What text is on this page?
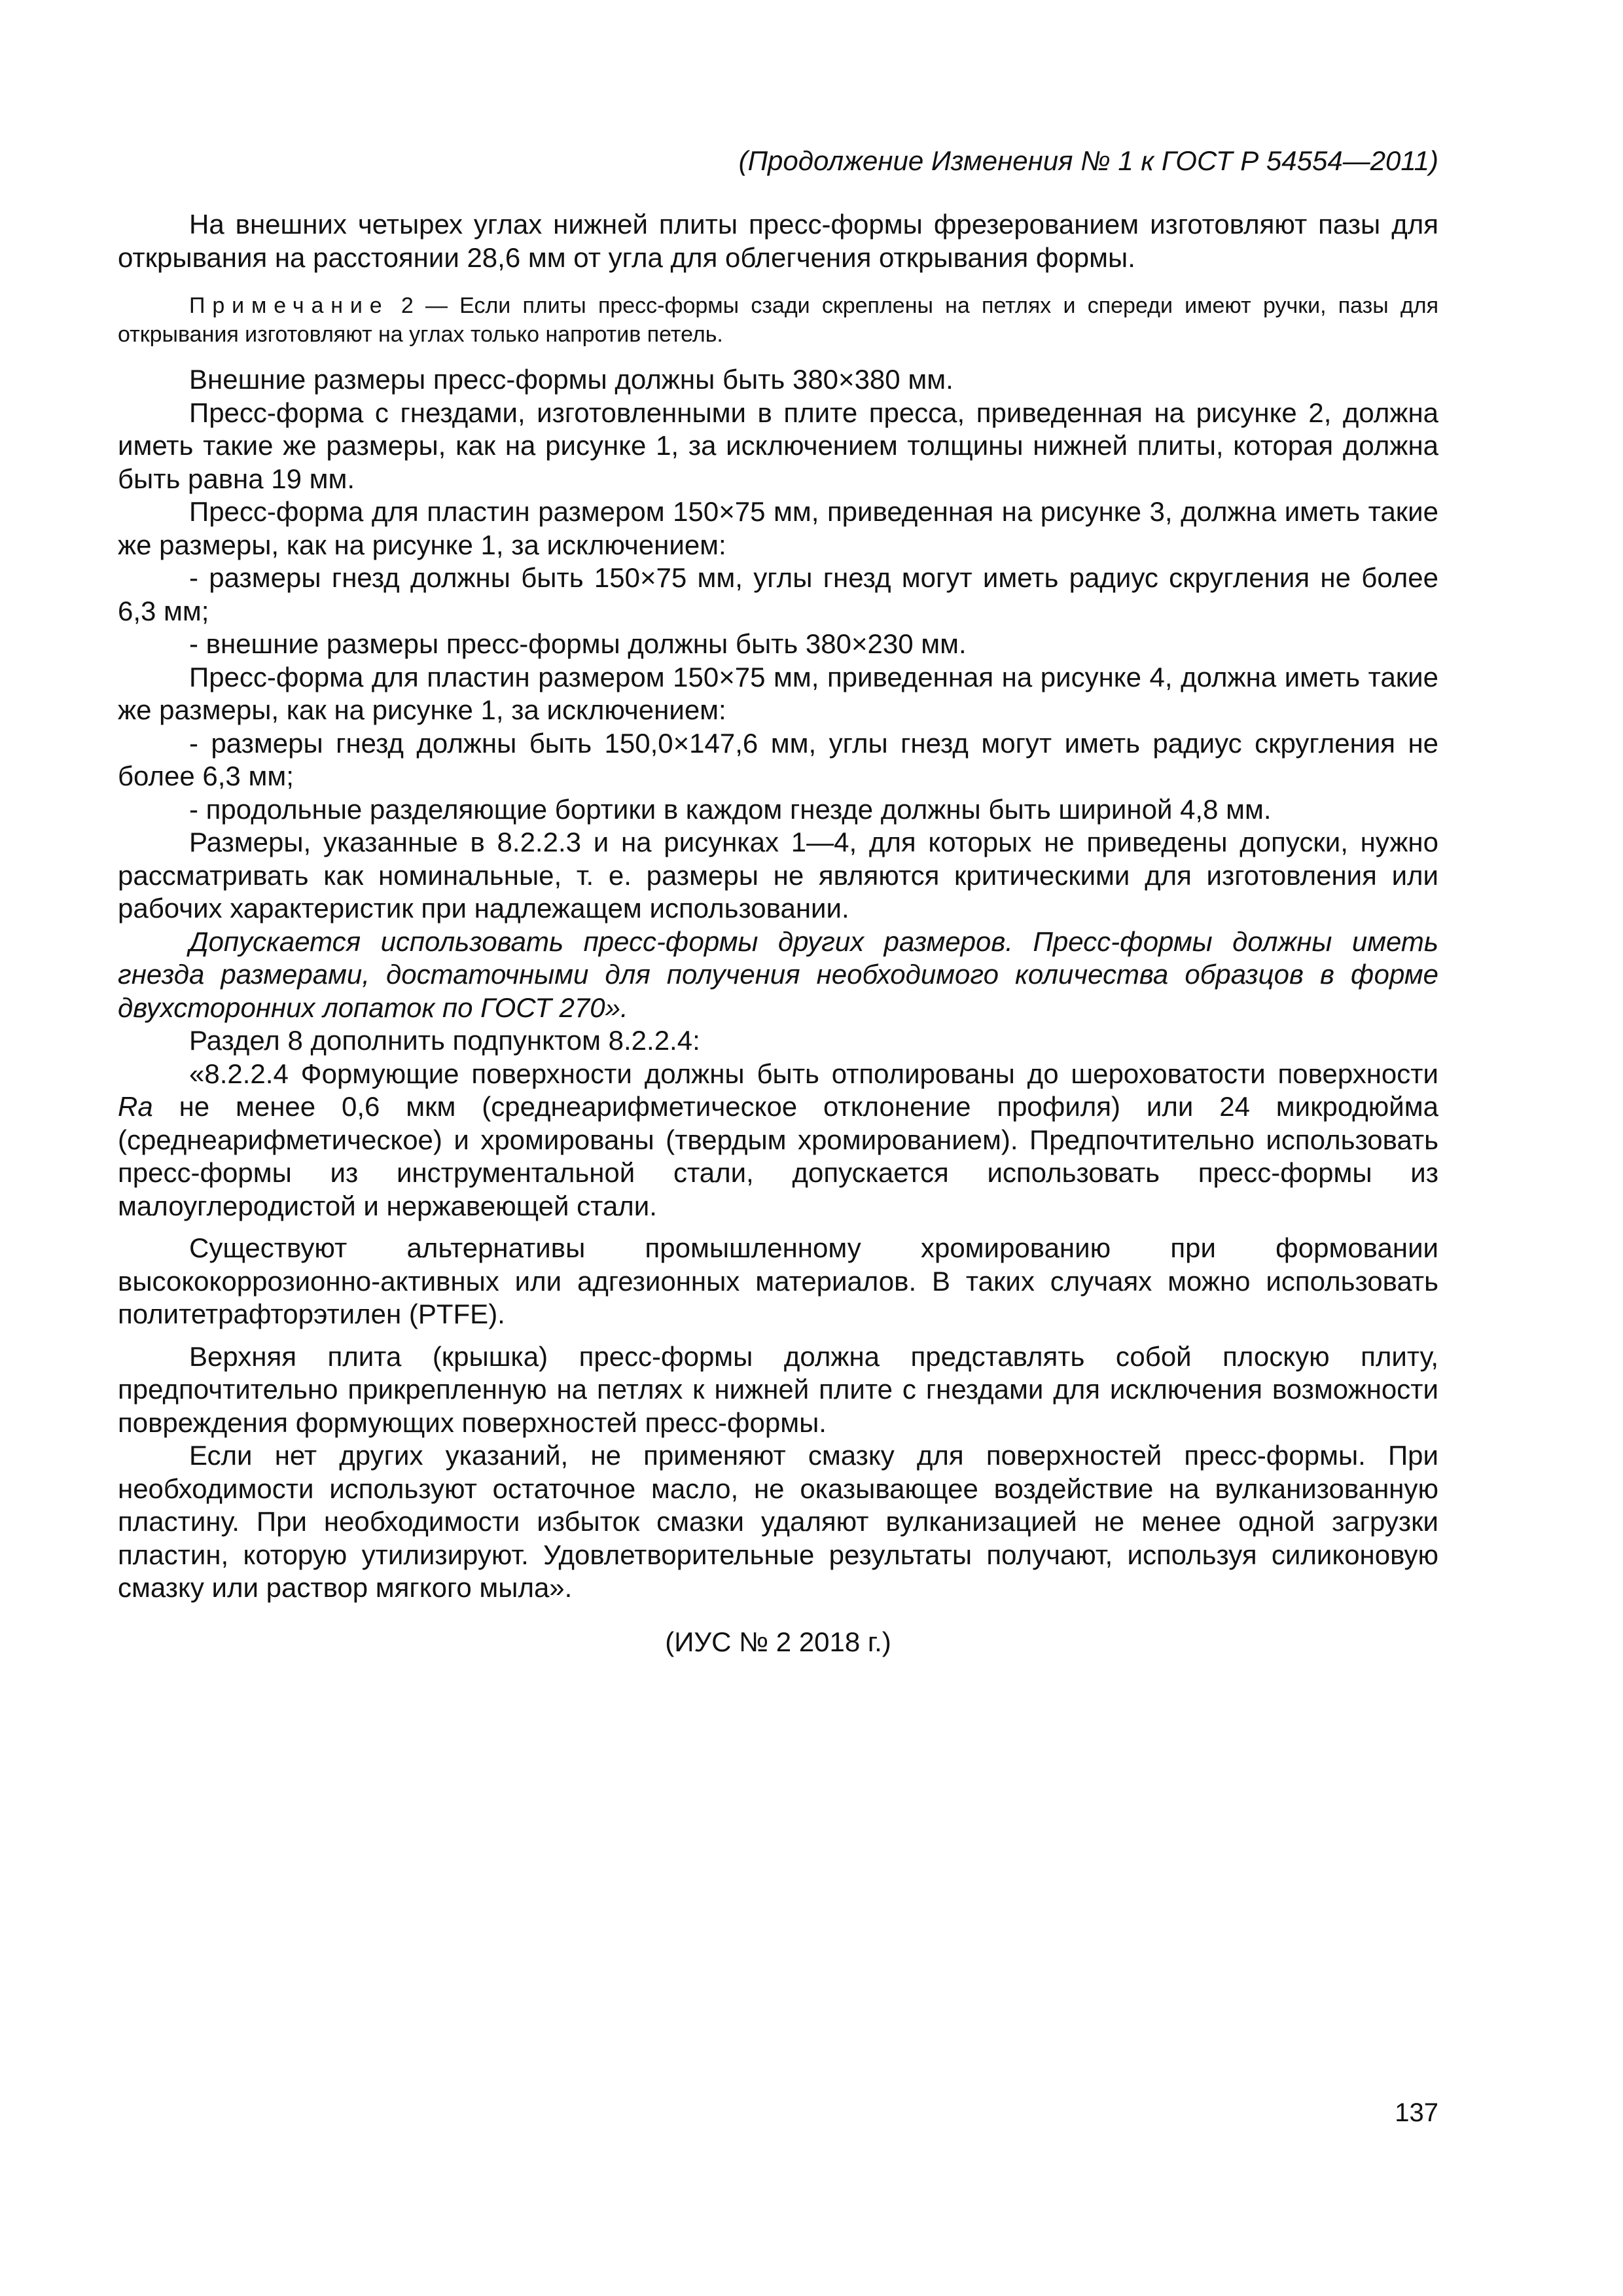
(Продолжение Изменения № 1 к ГОСТ Р 54554—2011)

На внешних четырех углах нижней плиты пресс-формы фрезерованием изготовляют пазы для открывания на расстоянии 28,6 мм от угла для облегчения открывания формы.

Примечание 2 — Если плиты пресс-формы сзади скреплены на петлях и спереди имеют ручки, пазы для открывания изготовляют на углах только напротив петель.

Внешние размеры пресс-формы должны быть 380×380 мм.

Пресс-форма с гнездами, изготовленными в плите пресса, приведенная на рисунке 2, должна иметь такие же размеры, как на рисунке 1, за исключением толщины нижней плиты, которая должна быть равна 19 мм.

Пресс-форма для пластин размером 150×75 мм, приведенная на рисунке 3, должна иметь такие же размеры, как на рисунке 1, за исключением:

- размеры гнезд должны быть 150×75 мм, углы гнезд могут иметь радиус скругления не более 6,3 мм;

- внешние размеры пресс-формы должны быть 380×230 мм.

Пресс-форма для пластин размером 150×75 мм, приведенная на рисунке 4, должна иметь такие же размеры, как на рисунке 1, за исключением:

- размеры гнезд должны быть 150,0×147,6 мм, углы гнезд могут иметь радиус скругления не более 6,3 мм;

- продольные разделяющие бортики в каждом гнезде должны быть шириной 4,8 мм.

Размеры, указанные в 8.2.2.3 и на рисунках 1—4, для которых не приведены допуски, нужно рассматривать как номинальные, т. е. размеры не являются критическими для изготовления или рабочих характеристик при надлежащем использовании.

Допускается использовать пресс-формы других размеров. Пресс-формы должны иметь гнезда размерами, достаточными для получения необходимого количества образцов в форме двухсторонних лопаток по ГОСТ 270».

Раздел 8 дополнить подпунктом 8.2.2.4:

«8.2.2.4 Формующие поверхности должны быть отполированы до шероховатости поверхности Ra не менее 0,6 мкм (среднеарифметическое отклонение профиля) или 24 микродюйма (среднеарифметическое) и хромированы (твердым хромированием). Предпочтительно использовать пресс-формы из инструментальной стали, допускается использовать пресс-формы из малоуглеродистой и нержавеющей стали.

Существуют альтернативы промышленному хромированию при формовании высококоррозионно-активных или адгезионных материалов. В таких случаях можно использовать политетрафторэтилен (PTFE).

Верхняя плита (крышка) пресс-формы должна представлять собой плоскую плиту, предпочтительно прикрепленную на петлях к нижней плите с гнездами для исключения возможности повреждения формующих поверхностей пресс-формы.

Если нет других указаний, не применяют смазку для поверхностей пресс-формы. При необходимости используют остаточное масло, не оказывающее воздействие на вулканизованную пластину. При необходимости избыток смазки удаляют вулканизацией не менее одной загрузки пластин, которую утилизируют. Удовлетворительные результаты получают, используя силиконовую смазку или раствор мягкого мыла».

(ИУС № 2 2018 г.)
137
